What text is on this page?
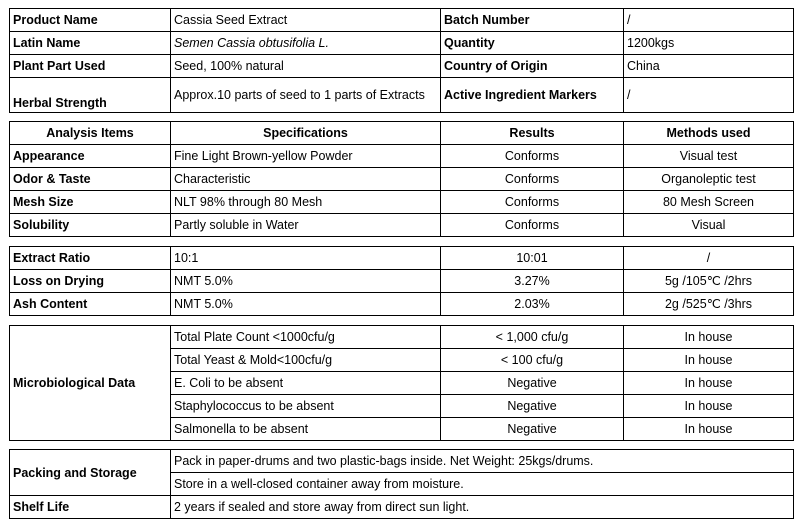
Product Name	Cassia Seed Extract	Batch Number	/
Latin Name	Semen Cassia obtusifolia L.	Quantity	1200kgs
Plant Part Used	Seed, 100% natural	Country of Origin	China
Herbal Strength	Approx.10 parts of seed to 1 parts of Extracts	Active Ingredient Markers	/
Analysis Items	Specifications	Results	Methods used
Appearance	Fine Light Brown-yellow Powder	Conforms	Visual test
Odor & Taste	Characteristic	Conforms	Organoleptic test
Mesh Size	NLT 98% through 80 Mesh	Conforms	80 Mesh Screen
Solubility	Partly soluble in Water	Conforms	Visual
Extract Ratio	10:1	10:01	/
Loss on Drying	NMT 5.0%	3.27%	5g /105℃ /2hrs
Ash Content	NMT 5.0%	2.03%	2g /525℃ /3hrs
Microbiological Data	Total Plate Count <1000cfu/g	< 1,000 cfu/g	In house
	Total Yeast & Mold<100cfu/g	< 100 cfu/g	In house
	E. Coli to be absent	Negative	In house
	Staphylococcus to be absent	Negative	In house
	Salmonella to be absent	Negative	In house
Packing and Storage	Pack in paper-drums and two plastic-bags inside. Net Weight: 25kgs/drums.
	Store in a well-closed container away from moisture.
Shelf Life	2 years if sealed and store away from direct sun light.
